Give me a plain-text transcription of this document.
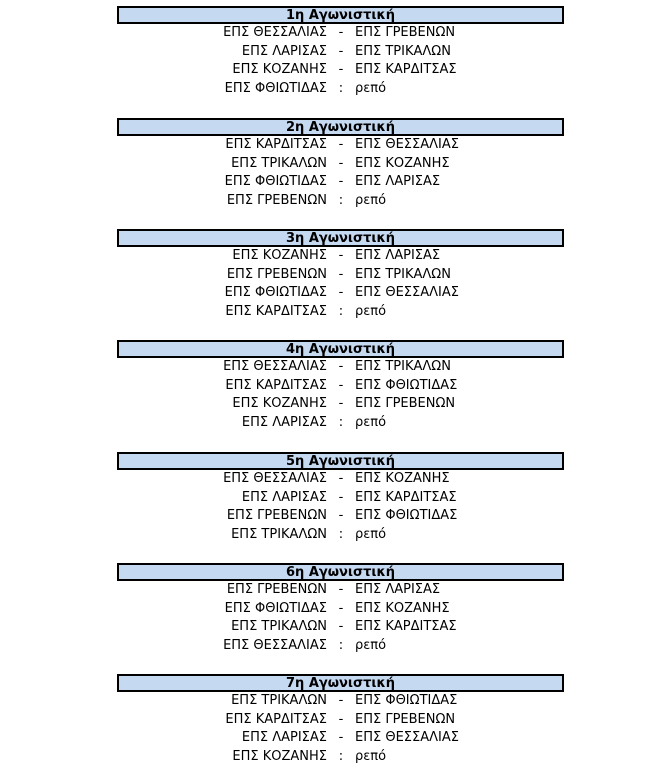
1η Αγωνιστική
ΕΠΣ ΘΕΣΣΑΛΙΑΣ - ΕΠΣ ΓΡΕΒΕΝΩΝ
ΕΠΣ ΛΑΡΙΣΑΣ - ΕΠΣ ΤΡΙΚΑΛΩΝ
ΕΠΣ ΚΟΖΑΝΗΣ - ΕΠΣ ΚΑΡΔΙΤΣΑΣ
ΕΠΣ ΦΘΙΩΤΙΔΑΣ : ρεπό
2η Αγωνιστική
ΕΠΣ ΚΑΡΔΙΤΣΑΣ - ΕΠΣ ΘΕΣΣΑΛΙΑΣ
ΕΠΣ ΤΡΙΚΑΛΩΝ - ΕΠΣ ΚΟΖΑΝΗΣ
ΕΠΣ ΦΘΙΩΤΙΔΑΣ - ΕΠΣ ΛΑΡΙΣΑΣ
ΕΠΣ ΓΡΕΒΕΝΩΝ : ρεπό
3η Αγωνιστική
ΕΠΣ ΚΟΖΑΝΗΣ - ΕΠΣ ΛΑΡΙΣΑΣ
ΕΠΣ ΓΡΕΒΕΝΩΝ - ΕΠΣ ΤΡΙΚΑΛΩΝ
ΕΠΣ ΦΘΙΩΤΙΔΑΣ - ΕΠΣ ΘΕΣΣΑΛΙΑΣ
ΕΠΣ ΚΑΡΔΙΤΣΑΣ : ρεπό
4η Αγωνιστική
ΕΠΣ ΘΕΣΣΑΛΙΑΣ - ΕΠΣ ΤΡΙΚΑΛΩΝ
ΕΠΣ ΚΑΡΔΙΤΣΑΣ - ΕΠΣ ΦΘΙΩΤΙΔΑΣ
ΕΠΣ ΚΟΖΑΝΗΣ - ΕΠΣ ΓΡΕΒΕΝΩΝ
ΕΠΣ ΛΑΡΙΣΑΣ : ρεπό
5η Αγωνιστική
ΕΠΣ ΘΕΣΣΑΛΙΑΣ - ΕΠΣ ΚΟΖΑΝΗΣ
ΕΠΣ ΛΑΡΙΣΑΣ - ΕΠΣ ΚΑΡΔΙΤΣΑΣ
ΕΠΣ ΓΡΕΒΕΝΩΝ - ΕΠΣ ΦΘΙΩΤΙΔΑΣ
ΕΠΣ ΤΡΙΚΑΛΩΝ : ρεπό
6η Αγωνιστική
ΕΠΣ ΓΡΕΒΕΝΩΝ - ΕΠΣ ΛΑΡΙΣΑΣ
ΕΠΣ ΦΘΙΩΤΙΔΑΣ - ΕΠΣ ΚΟΖΑΝΗΣ
ΕΠΣ ΤΡΙΚΑΛΩΝ - ΕΠΣ ΚΑΡΔΙΤΣΑΣ
ΕΠΣ ΘΕΣΣΑΛΙΑΣ : ρεπό
7η Αγωνιστική
ΕΠΣ ΤΡΙΚΑΛΩΝ - ΕΠΣ ΦΘΙΩΤΙΔΑΣ
ΕΠΣ ΚΑΡΔΙΤΣΑΣ - ΕΠΣ ΓΡΕΒΕΝΩΝ
ΕΠΣ ΛΑΡΙΣΑΣ - ΕΠΣ ΘΕΣΣΑΛΙΑΣ
ΕΠΣ ΚΟΖΑΝΗΣ : ρεπό
